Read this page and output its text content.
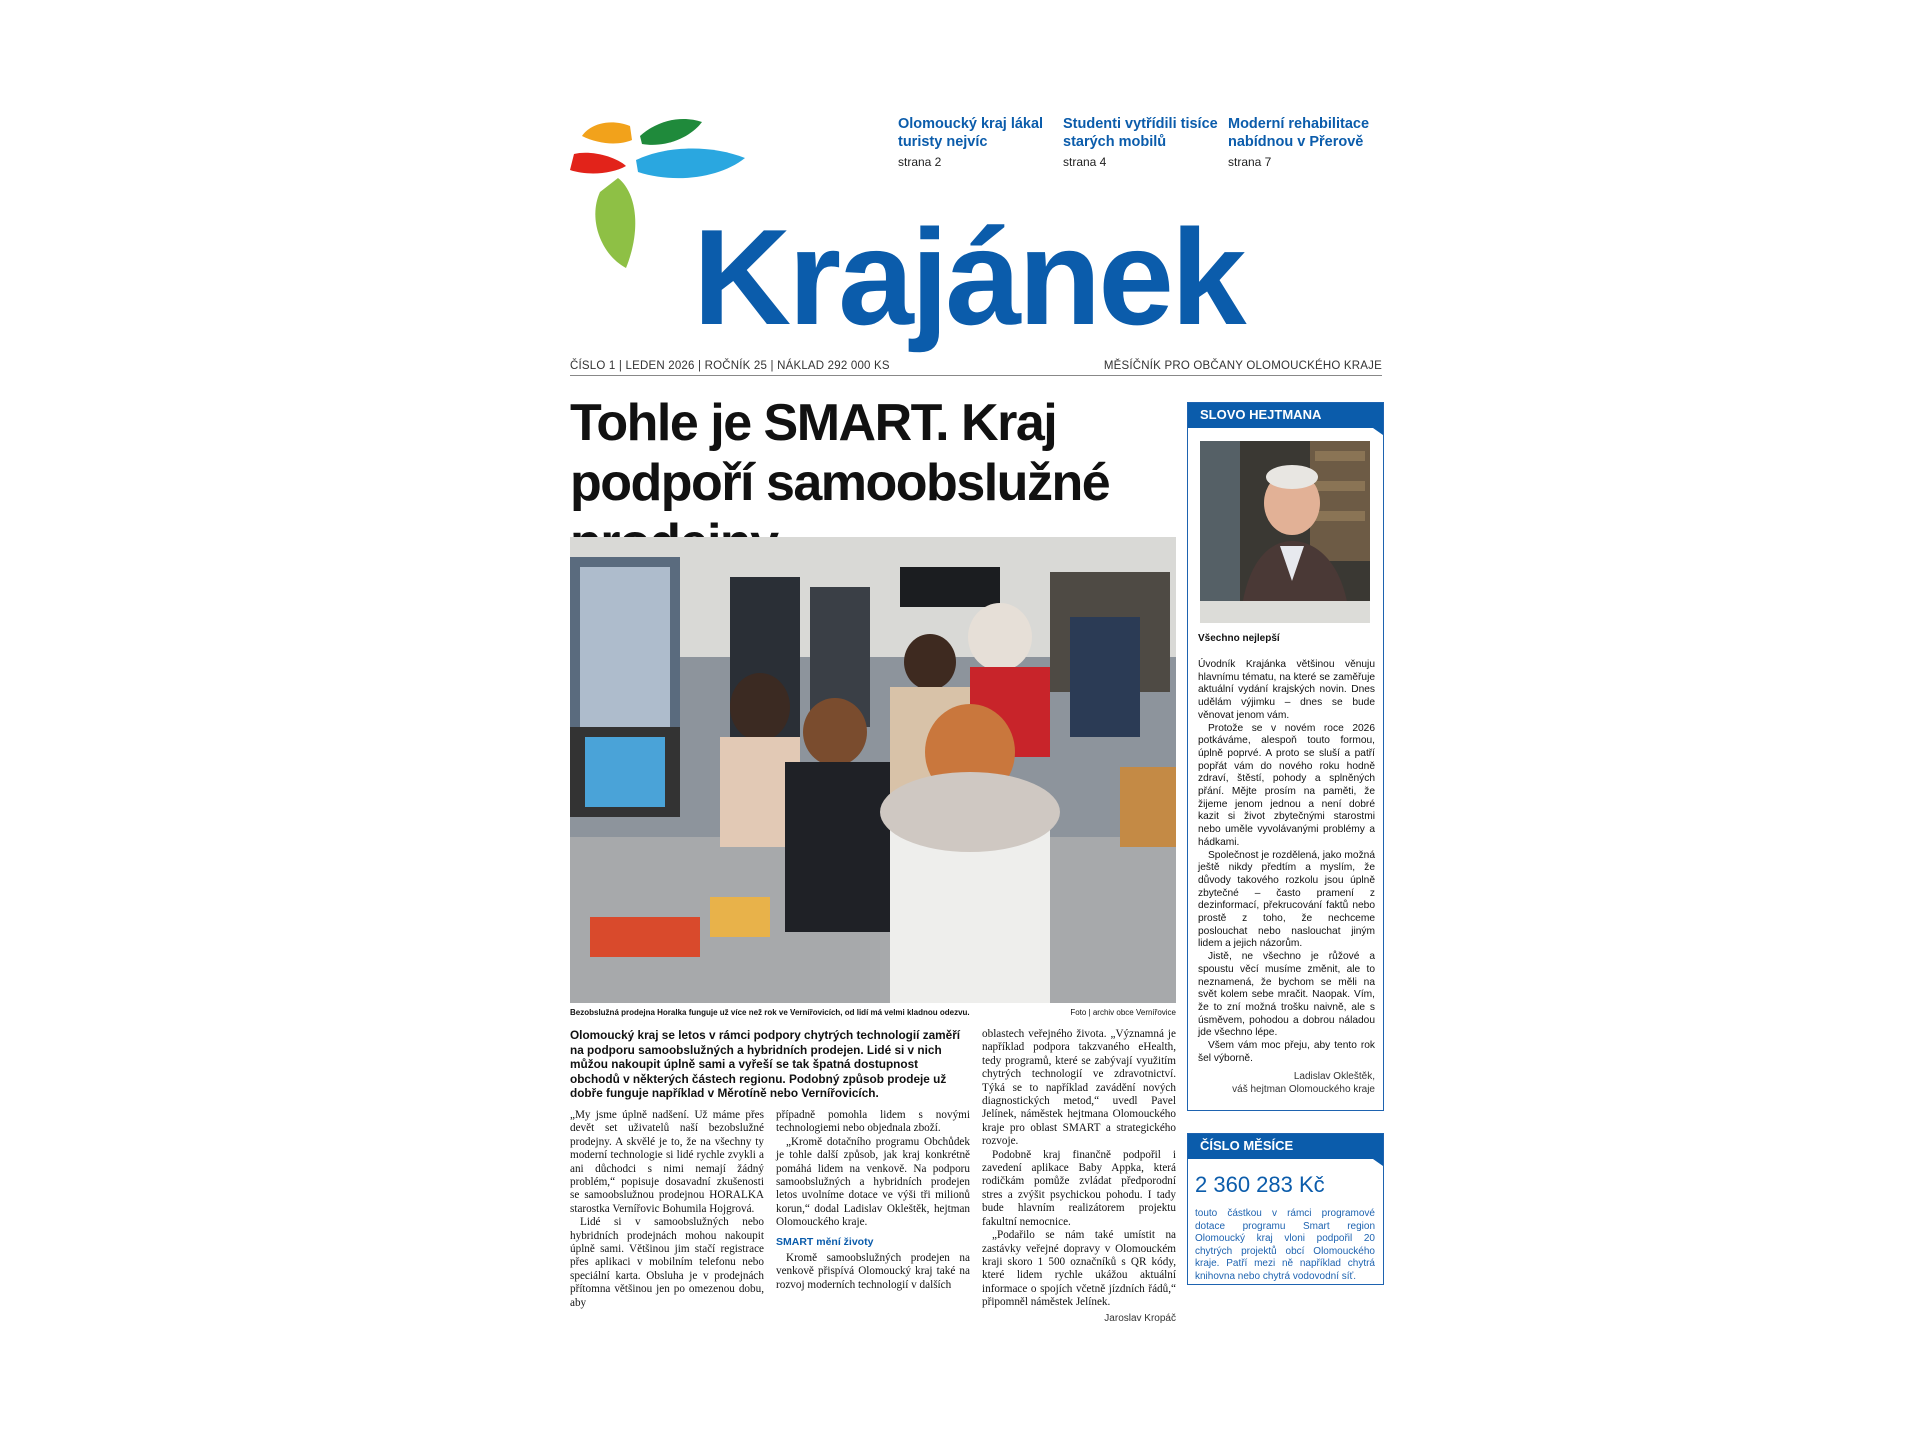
Olomoucký kraj lákal turisty nejvíc
strana 2
Studenti vytřídili tisíce starých mobilů
strana 4
Moderní rehabilitace nabídnou v Přerově
strana 7
Krajánek
ČÍSLO 1 | LEDEN 2026 | ROČNÍK 25 | NÁKLAD 292 000 KS	MĚSÍČNÍK PRO OBČANY OLOMOUCKÉHO KRAJE
Tohle je SMART. Kraj podpoří samoobslužné
Bezobslužná prodejna Horalka funguje už více než rok ve Vernířovicích, od lidí má velmi kladnou odezvu.	Foto | archiv obce Vernířovice
Olomoucký kraj se letos v rámci podpory chytrých technologií zaměří na podporu samoobslužných a hybridních prodejen. Lidé si v nich můžou nakoupit úplně sami a vyřeší se tak špatná dostupnost obchodů v některých částech regionu. Podobný způsob prodeje už dobře funguje například v Měrotíně nebo Vernířovicích.

„My jsme úplně nadšení. Už máme přes devět set uživatelů naší bezobslužné prodejny. A skvělé je to, že na všechny ty moderní technologie si lidé rychle zvykli a ani důchodci s nimi nemají žádný problém,“ popisuje dosavadní zkušenosti se samoobslužnou prodejnou HORALKA starostka Vernířovic Bohumila Hojgrová.

Lidé si v samoobslužných nebo hybridních prodejnách mohou nakoupit úplně sami. Většinou jim stačí registrace přes aplikaci v mobilním telefonu nebo speciální karta. Obsluha je v prodejnách přítomna většinou jen po omezenou dobu, aby

případně pomohla lidem s novými technologiemi nebo objednala zboží.

„Kromě dotačního programu Obchůdek je tohle další způsob, jak kraj konkrétně pomáhá lidem na venkově. Na podporu samoobslužných a hybridních prodejen letos uvolníme dotace ve výši tři milionů korun,“ dodal Ladislav Okleštěk, hejtman Olomouckého kraje.

SMART mění životy

Kromě samoobslužných prodejen na venkově přispívá Olomoucký kraj také na rozvoj moderních technologií v dalších

oblastech veřejného života. „Významná je například podpora takzvaného eHealth, tedy programů, které se zabývají využitím chytrých technologií ve zdravotnictví. Týká se to například zavádění nových diagnostických metod,“ uvedl Pavel Jelínek, náměstek hejtmana Olomouckého kraje pro oblast SMART a strategického rozvoje.

Podobně kraj finančně podpořil i zavedení aplikace Baby Appka, která rodičkám pomůže zvládat předporodní stres a zvýšit psychickou pohodu. I tady bude hlavním realizátorem projektu fakultní nemocnice.

„Podařilo se nám také umístit na zastávky veřejné dopravy v Olomouckém kraji skoro 1 500 označníků s QR kódy, které lidem rychle ukážou aktuální informace o spojích včetně jízdních řádů,“ připomněl náměstek Jelínek.

Jaroslav Kropáč
SLOVO HEJTMANA
Všechno nejlepší

Úvodník Krajánka většinou věnuju hlavnímu tématu, na které se zaměřuje aktuální vydání krajských novin. Dnes udělám výjimku – dnes se bude věnovat jenom vám.

Protože se v novém roce 2026 potkáváme, alespoň touto formou, úplně poprvé. A proto se sluší a patří popřát vám do nového roku hodně zdraví, štěstí, pohody a splněných přání. Mějte prosím na paměti, že žijeme jenom jednou a není dobré kazit si život zbytečnými starostmi nebo uměle vyvolávanými problémy a hádkami.

Společnost je rozdělená, jako možná ještě nikdy předtím a myslím, že důvody takového rozkolu jsou úplně zbytečné – často pramení z dezinformací, překrucování faktů nebo prostě z toho, že nechceme poslouchat nebo naslouchat jiným lidem a jejich názorům.

Jistě, ne všechno je růžové a spoustu věcí musíme změnit, ale to neznamená, že bychom se měli na svět kolem sebe mračit. Naopak. Vím, že to zní možná trošku naivně, ale s úsměvem, pohodou a dobrou náladou jde všechno lépe.

Všem vám moc přeju, aby tento rok šel výborně.

Ladislav Okleštěk,
váš hejtman Olomouckého kraje
ČÍSLO MĚSÍCE
2 360 283 Kč
touto částkou v rámci programové dotace programu Smart region Olomoucký kraj vloni podpořil 20 chytrých projektů obcí Olomouckého kraje. Patří mezi ně například chytrá knihovna nebo chytrá vodovodní síť.
